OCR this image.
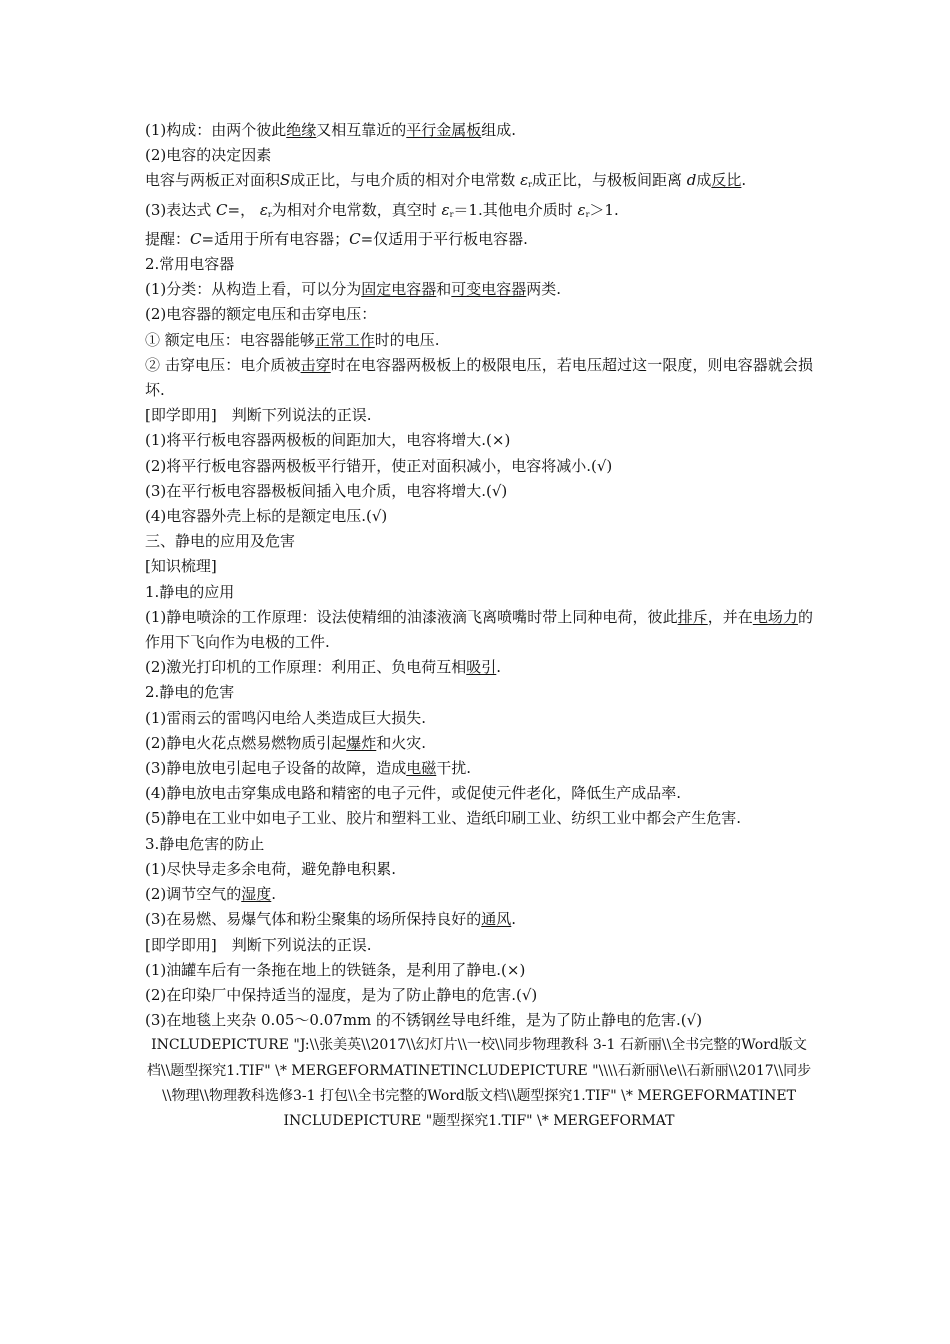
(1)构成：由两个彼此绝缘又相互靠近的平行金属板组成.
(2)电容的决定因素
电容与两板正对面积S成正比，与电介质的相对介电常数 $\varepsilon_r$成正比，与极板间距离 d成反比.
(3)表达式 C=， $\varepsilon_r$为相对介电常数，真空时 $\varepsilon_r=1$.其他电介质时 $\varepsilon_r>1$.
提醒：C=适用于所有电容器；C=仅适用于平行板电容器.
2.常用电容器
(1)分类：从构造上看，可以分为固定电容器和可变电容器两类.
(2)电容器的额定电压和击穿电压：
① 额定电压：电容器能够正常工作时的电压.
② 击穿电压：电介质被击穿时在电容器两极板上的极限电压，若电压超过这一限度，则电容器就会损坏.
[即学即用]　判断下列说法的正误.
(1)将平行板电容器两极板的间距加大，电容将增大.(×)
(2)将平行板电容器两极板平行错开，使正对面积减小，电容将减小.(√)
(3)在平行板电容器极板间插入电介质，电容将增大.(√)
(4)电容器外壳上标的是额定电压.(√)
三、静电的应用及危害
[知识梳理]
1.静电的应用
(1)静电喷涂的工作原理：设法使精细的油漆液滴飞离喷嘴时带上同种电荷，彼此排斥，并在电场力的作用下飞向作为电极的工件.
(2)激光打印机的工作原理：利用正、负电荷互相吸引.
2.静电的危害
(1)雷雨云的雷鸣闪电给人类造成巨大损失.
(2)静电火花点燃易燃物质引起爆炸和火灾.
(3)静电放电引起电子设备的故障，造成电磁干扰.
(4)静电放电击穿集成电路和精密的电子元件，或促使元件老化，降低生产成品率.
(5)静电在工业中如电子工业、胶片和塑料工业、造纸印刷工业、纺织工业中都会产生危害.
3.静电危害的防止
(1)尽快导走多余电荷，避免静电积累.
(2)调节空气的湿度.
(3)在易燃、易爆气体和粉尘聚集的场所保持良好的通风.
[即学即用]　判断下列说法的正误.
(1)油罐车后有一条拖在地上的铁链条，是利用了静电.(×)
(2)在印染厂中保持适当的湿度，是为了防止静电的危害.(√)
(3)在地毯上夹杂 0.05～0.07mm 的不锈钢丝导电纤维，是为了防止静电的危害.(√)
INCLUDEPICTURE "J:\\张美英\\2017\\幻灯片\\一校\\同步物理教科 3-1 石新丽\\全书完整的Word版文档\\题型探究1.TIF" \* MERGEFORMATINETINCLUDEPICTURE "\\\\石新丽\\e\\石新丽\\2017\\同步\\物理\\物理教科选修3-1 打包\\全书完整的Word版文档\\题型探究1.TIF" \* MERGEFORMATINET INCLUDEPICTURE "题型探究1.TIF" \* MERGEFORMAT
